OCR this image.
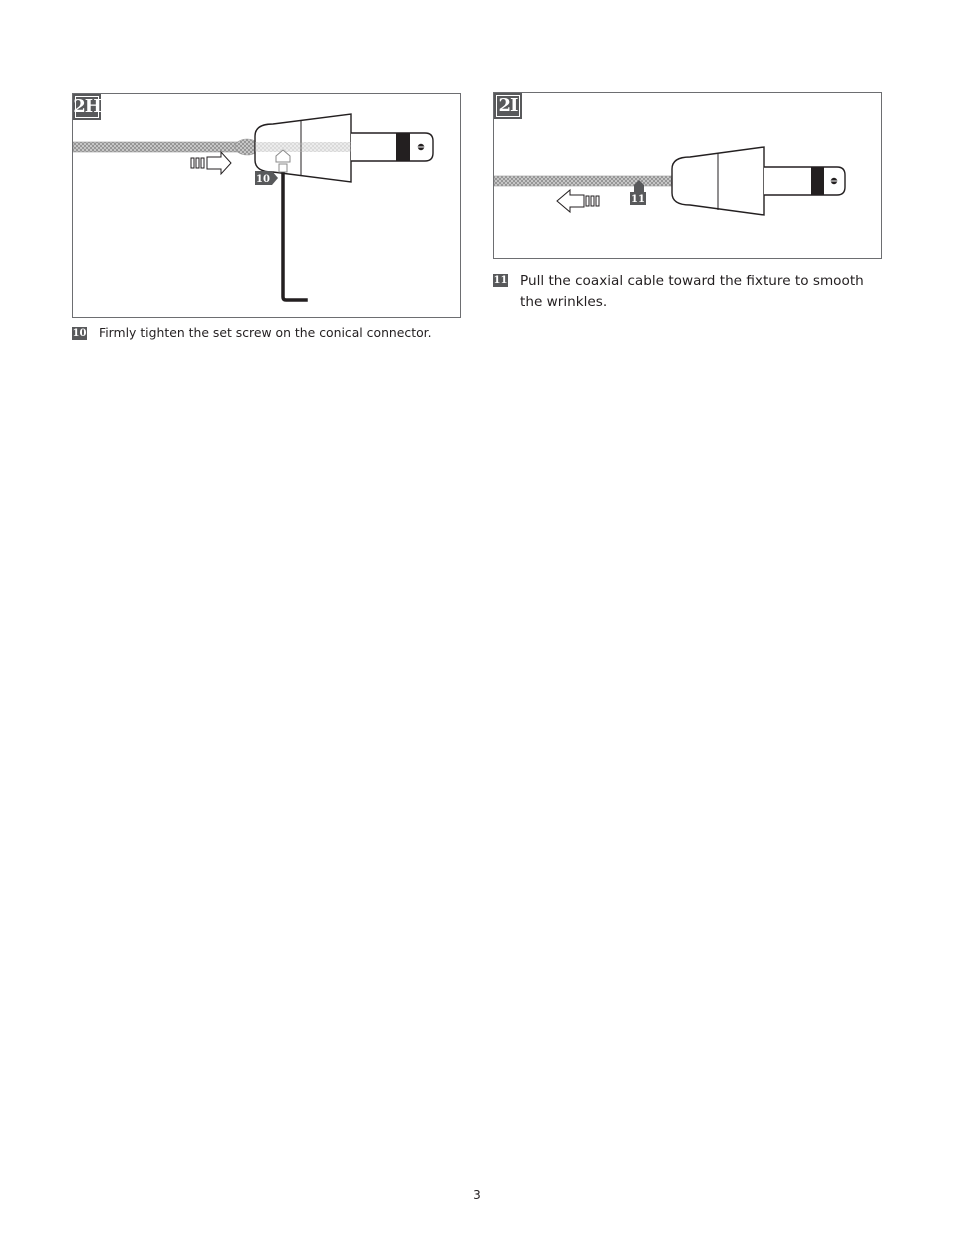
10
2H
11
2I
10 Firmly tighten the set screw on the conical connector.
11 Pull the coaxial cable toward the fixture to smooth the wrinkles.
3
